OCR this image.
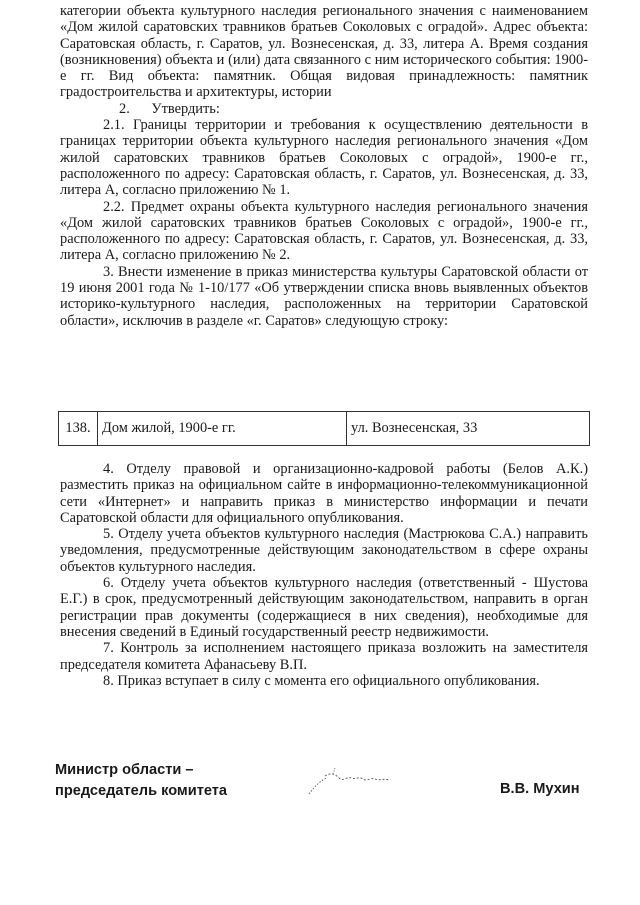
категории объекта культурного наследия регионального значения с наименованием «Дом жилой саратовских травников братьев Соколовых с оградой». Адрес объекта: Саратовская область, г. Саратов, ул. Вознесенская, д. 33, литера А. Время создания (возникновения) объекта и (или) дата связанного с ним исторического события: 1900-е гг. Вид объекта: памятник. Общая видовая принадлежность: памятник градостроительства и архитектуры, истории

2.      Утвердить:

2.1. Границы территории и требования к осуществлению деятельности в границах территории объекта культурного наследия регионального значения «Дом жилой саратовских травников братьев Соколовых с оградой», 1900-е гг., расположенного по адресу: Саратовская область, г. Саратов, ул. Вознесенская, д. 33, литера А, согласно приложению № 1.

2.2. Предмет охраны объекта культурного наследия регионального значения «Дом жилой саратовских травников братьев Соколовых с оградой», 1900-е гг., расположенного по адресу: Саратовская область, г. Саратов, ул. Вознесенская, д. 33, литера А, согласно приложению № 2.

3. Внести изменение в приказ министерства культуры Саратовской области от 19 июня 2001 года № 1-10/177 «Об утверждении списка вновь выявленных объектов историко-культурного наследия, расположенных на территории Саратовской области», исключив в разделе «г. Саратов» следующую строку:

138.	Дом жилой, 1900-е гг.	ул. Вознесенская, 33

4. Отделу правовой и организационно-кадровой работы (Белов А.К.) разместить приказ на официальном сайте в информационно-телекоммуникационной сети «Интернет» и направить приказ в министерство информации и печати Саратовской области для официального опубликования.

5. Отделу учета объектов культурного наследия (Мастрюкова С.А.) направить уведомления, предусмотренные действующим законодательством в сфере охраны объектов культурного наследия.

6. Отделу учета объектов культурного наследия (ответственный - Шустова Е.Г.) в срок, предусмотренный действующим законодательством, направить в орган регистрации прав документы (содержащиеся в них сведения), необходимые для внесения сведений в Единый государственный реестр недвижимости.

7. Контроль за исполнением настоящего приказа возложить на заместителя председателя комитета Афанасьеву В.П.

8. Приказ вступает в силу с момента его официального опубликования.

Министр области –
председатель комитета	В.В. Мухин
